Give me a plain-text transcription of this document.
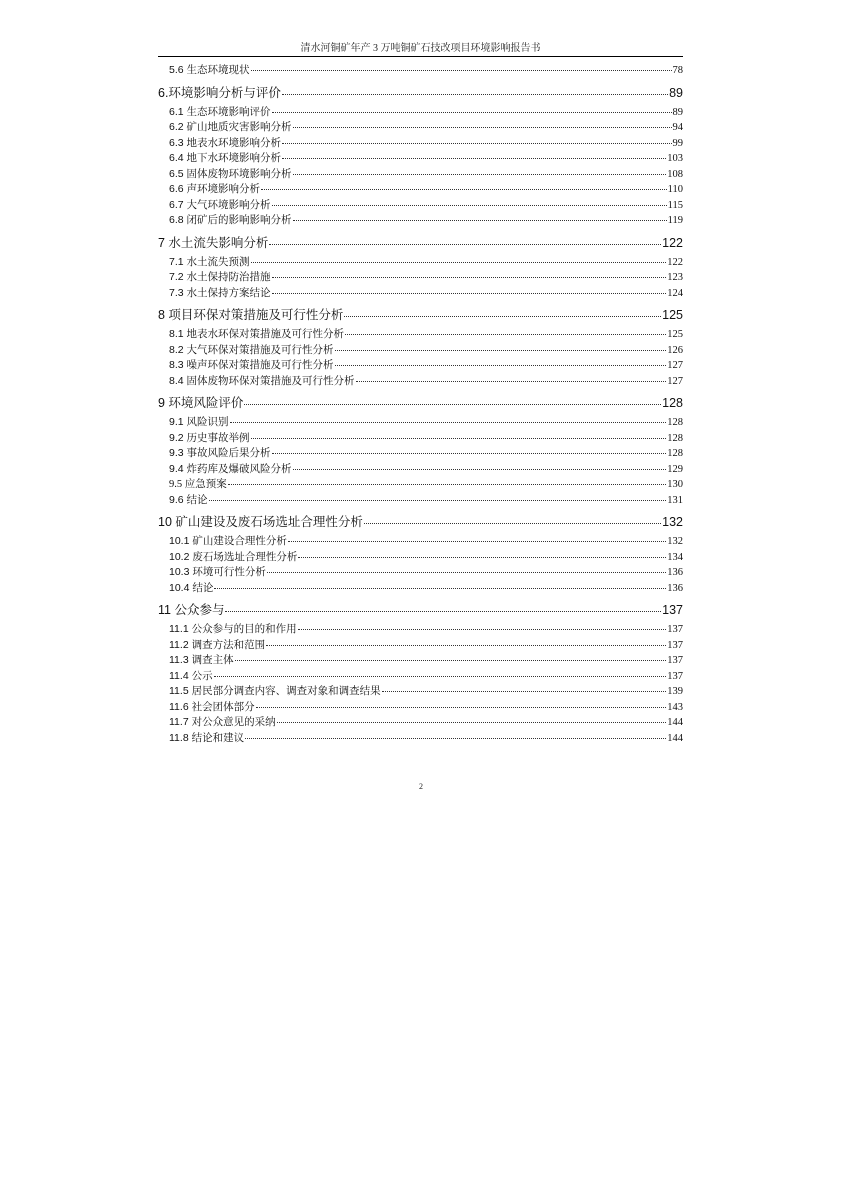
清水河铜矿年产 3 万吨铜矿石技改项目环境影响报告书
5.6 生态环境现状	78
6.环境影响分析与评价	89
6.1 生态环境影响评价	89
6.2 矿山地质灾害影响分析	94
6.3 地表水环境影响分析	99
6.4 地下水环境影响分析	103
6.5 固体废物环境影响分析	108
6.6 声环境影响分析	110
6.7 大气环境影响分析	115
6.8 闭矿后的影响影响分析	119
7 水土流失影响分析	122
7.1 水土流失预测	122
7.2 水土保持防治措施	123
7.3 水土保持方案结论	124
8 项目环保对策措施及可行性分析	125
8.1 地表水环保对策措施及可行性分析	125
8.2 大气环保对策措施及可行性分析	126
8.3 噪声环保对策措施及可行性分析	127
8.4 固体废物环保对策措施及可行性分析	127
9 环境风险评价	128
9.1 风险识别	128
9.2 历史事故举例	128
9.3 事故风险后果分析	128
9.4 炸药库及爆破风险分析	129
9.5 应急预案	130
9.6 结论	131
10 矿山建设及废石场选址合理性分析	132
10.1 矿山建设合理性分析	132
10.2 废石场选址合理性分析	134
10.3 环境可行性分析	136
10.4 结论	136
11 公众参与	137
11.1 公众参与的目的和作用	137
11.2 调查方法和范围	137
11.3 调查主体	137
11.4 公示	137
11.5 居民部分调查内容、调查对象和调查结果	139
11.6 社会团体部分	143
11.7 对公众意见的采纳	144
11.8 结论和建议	144
2
